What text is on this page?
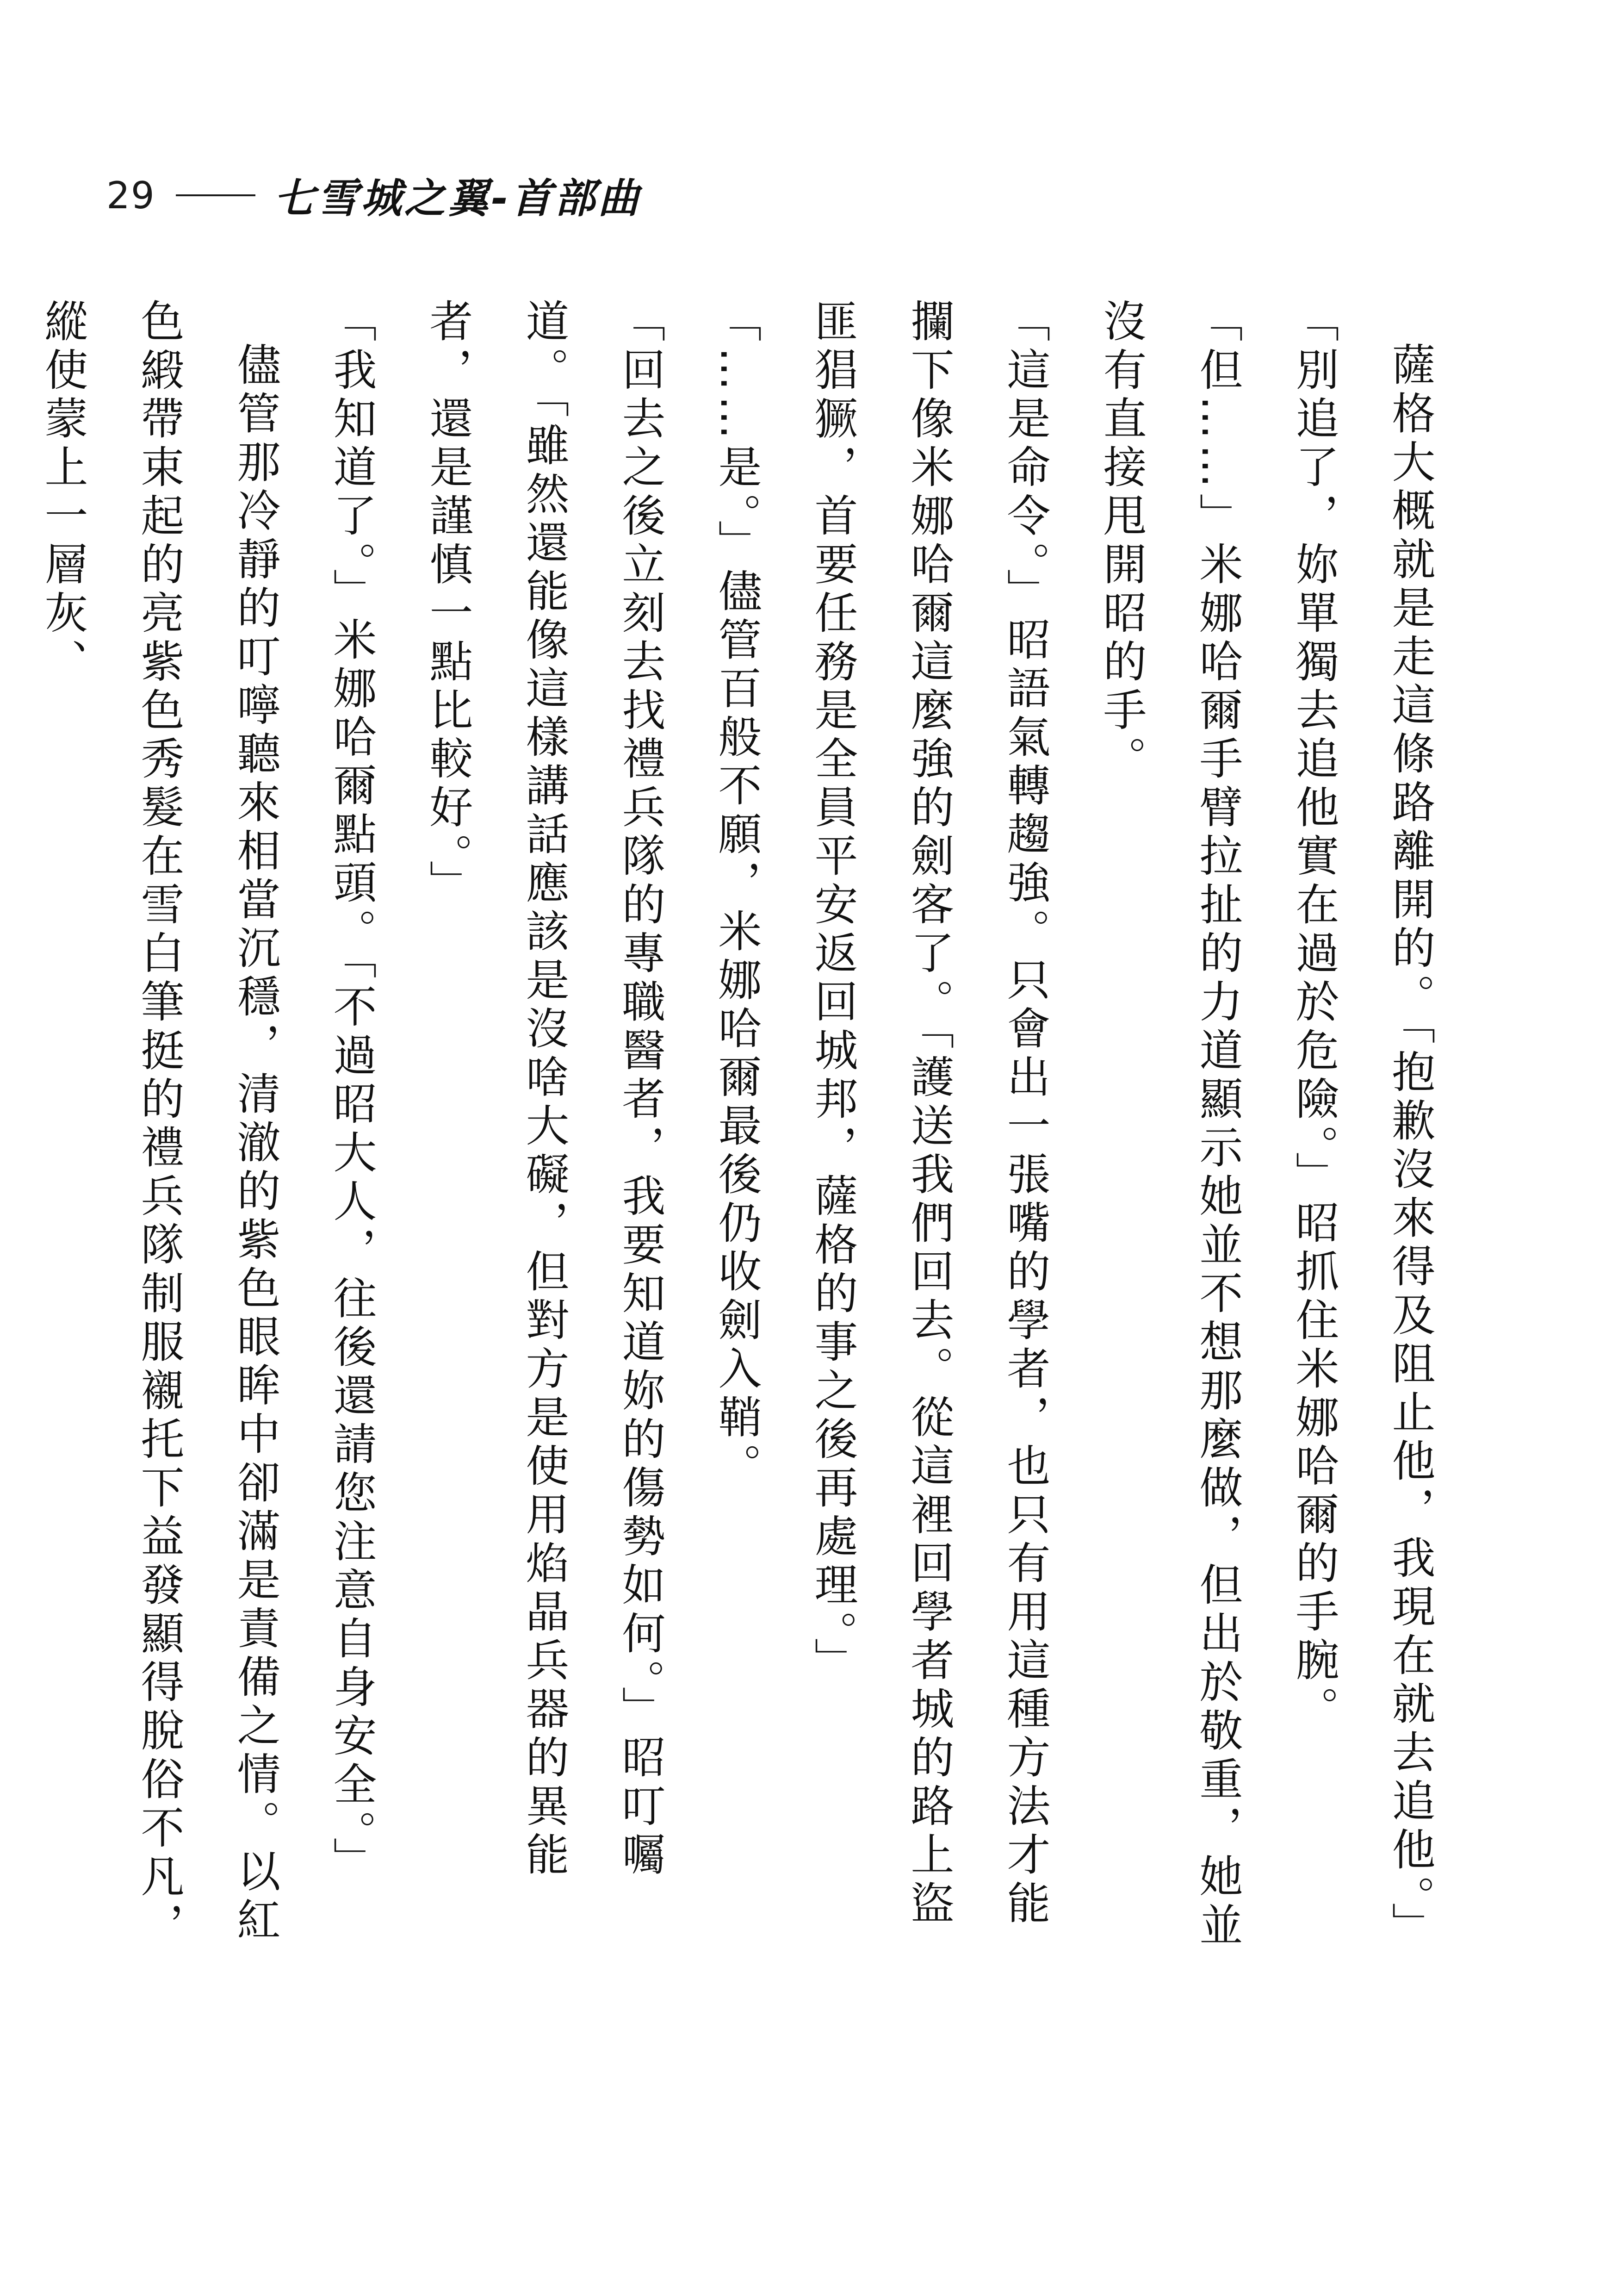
29	七雪城之翼-首部曲

薩格大概就是走這條路離開的。「抱歉沒來得及阻止他，我現在就去追他。」

「別追了，妳單獨去追他實在過於危險。」昭抓住米娜哈爾的手腕。

「但……」米娜哈爾手臂拉扯的力道顯示她並不想那麼做，但出於敬重，她並沒有直接甩開昭的手。

「這是命令。」昭語氣轉趨強。只會出一張嘴的學者，也只有用這種方法才能攔下像米娜哈爾這麼強的劍客了。「護送我們回去。從這裡回學者城的路上盜匪猖獗，首要任務是全員平安返回城邦，薩格的事之後再處理。」

「……是。」儘管百般不願，米娜哈爾最後仍收劍入鞘。

「回去之後立刻去找禮兵隊的專職醫者，我要知道妳的傷勢如何。」昭叮囑道。「雖然還能像這樣講話應該是沒啥大礙，但對方是使用焰晶兵器的異能者，還是謹慎一點比較好。」

「我知道了。」米娜哈爾點頭。「不過昭大人，往後還請您注意自身安全。」

儘管那冷靜的叮嚀聽來相當沉穩，清澈的紫色眼眸中卻滿是責備之情。以紅色緞帶束起的亮紫色秀髮在雪白筆挺的禮兵隊制服襯托下益發顯得脫俗不凡，縱使蒙上一層灰、
